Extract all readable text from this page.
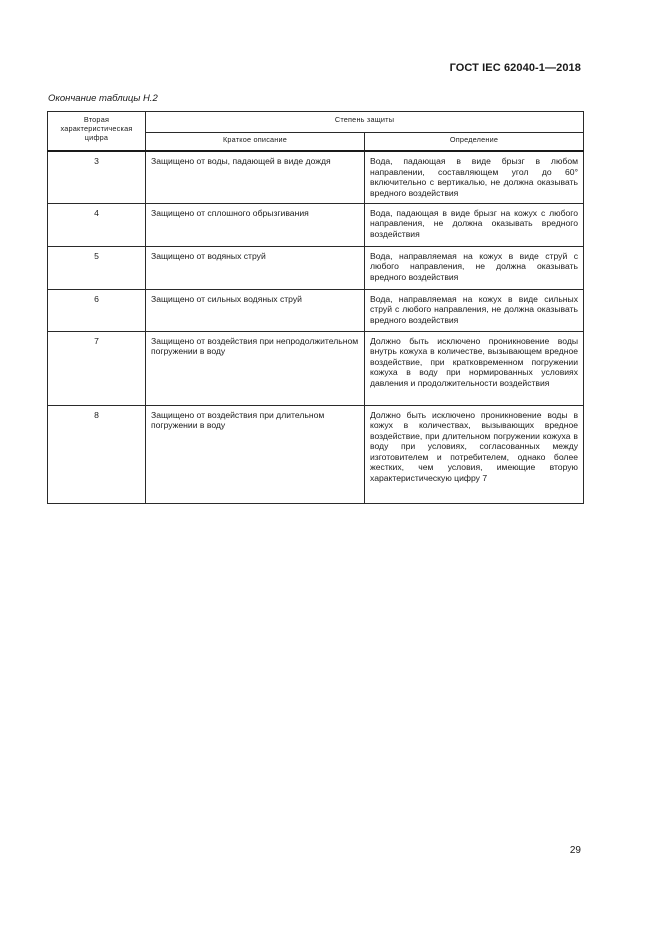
ГОСТ IEC 62040-1—2018
Окончание таблицы Н.2
Вторая характеристическая цифра	Степень защиты	
	Краткое описание	Определение
3	Защищено от воды, падающей в виде дождя	Вода, падающая в виде брызг в любом направлении, составляющем угол до 60° включительно с вертикалью, не должна оказывать вредного воздействия
4	Защищено от сплошного обрызгивания	Вода, падающая в виде брызг на кожух с любого направления, не должна оказывать вредного воздействия
5	Защищено от водяных струй	Вода, направляемая на кожух в виде струй с любого направления, не должна оказывать вредного воздействия
6	Защищено от сильных водяных струй	Вода, направляемая на кожух в виде сильных струй с любого направления, не должна оказывать вредного воздействия
7	Защищено от воздействия при непродолжительном погружении в воду	Должно быть исключено проникновение воды внутрь кожуха в количестве, вызывающем вредное воздействие, при кратковременном погружении кожуха в воду при нормированных условиях давления и продолжительности воздействия
8	Защищено от воздействия при длительном погружении в воду	Должно быть исключено проникновение воды в кожух в количествах, вызывающих вредное воздействие, при длительном погружении кожуха в воду при условиях, согласованных между изготовителем и потребителем, однако более жестких, чем условия, имеющие вторую характеристическую цифру 7
29
